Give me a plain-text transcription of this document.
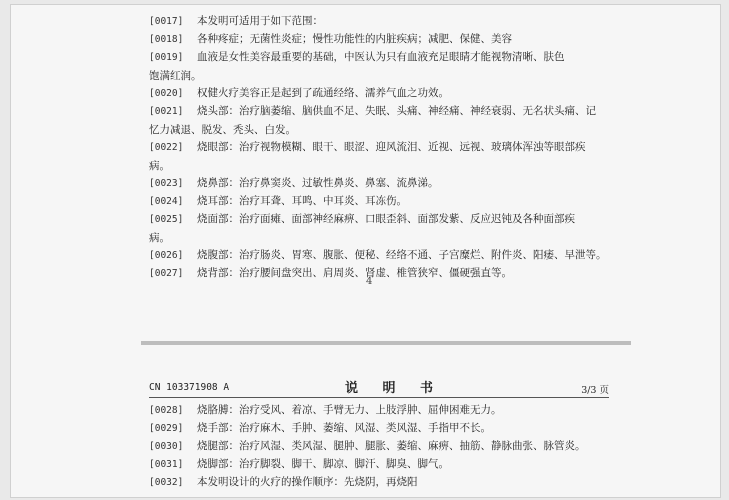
[0017] 本发明可适用于如下范围：
[0018] 各种疼症；无菌性炎症；慢性功能性的内脏疾病；减肥、保健、美容
[0019] 血液是女性美容最重要的基础，中医认为只有血液充足眼睛才能视物清晰、肤色
饱满红润。
[0020] 权健火疗美容正是起到了疏通经络、濡养气血之功效。
[0021] 烧头部：治疗脑萎缩、脑供血不足、失眠、头痛、神经痛、神经衰弱、无名状头痛、记
忆力减退、脱发、秃头、白发。
[0022] 烧眼部：治疗视物模糊、眼干、眼涩、迎风流泪、近视、远视、玻璃体浑浊等眼部疾
病。
[0023] 烧鼻部：治疗鼻窦炎、过敏性鼻炎、鼻塞、流鼻涕。
[0024] 烧耳部：治疗耳聋、耳鸣、中耳炎、耳冻伤。
[0025] 烧面部：治疗面瘫、面部神经麻痹、口眼歪斜、面部发紫、反应迟钝及各种面部疾
病。
[0026] 烧腹部：治疗肠炎、胃寒、腹胀、便秘、经络不通、子宫糜烂、附件炎、阳痿、早泄等。
[0027] 烧背部：治疗腰间盘突出、肩周炎、肾虚、椎管狭窄、僵硬强直等。
4
CN 103371908 A	说 明 书	3/3 页
[0028] 烧胳膊：治疗受风、着凉、手臂无力、上肢浮肿、屈伸困难无力。
[0029] 烧手部：治疗麻木、手肿、萎缩、风湿、类风湿、手指甲不长。
[0030] 烧腿部：治疗风湿、类风湿、腿肿、腿胀、萎缩、麻痹、抽筋、静脉曲张、脉管炎。
[0031] 烧脚部：治疗脚裂、脚干、脚凉、脚汗、脚臭、脚气。
[0032] 本发明设计的火疗的操作顺序：先烧阴，再烧阳
